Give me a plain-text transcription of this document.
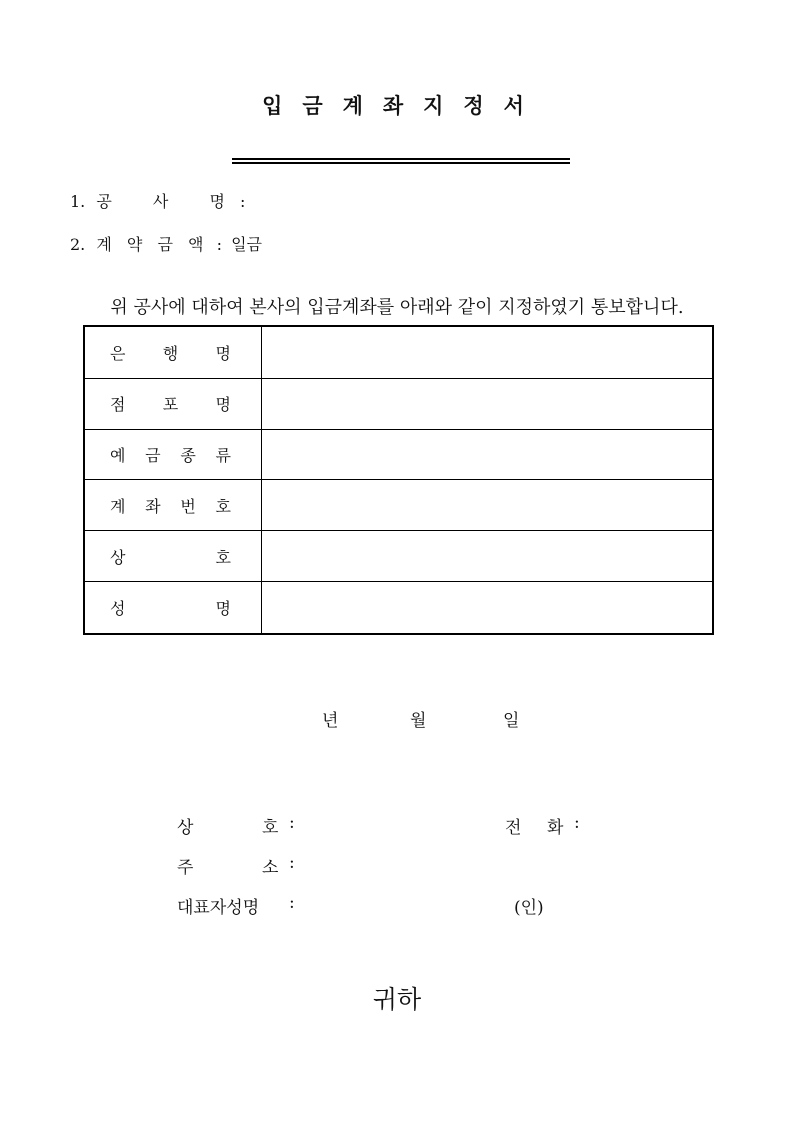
입금계좌지정서
1. 공	사	명 :
2. 계 약 금 액 : 일금
위 공사에 대하여 본사의 입금계좌를 아래와 같이 지정하였기 통보합니다.
은 행 명	

점 포 명	

예 금 종 류	

계 좌 번 호	

상 호	

성 명	

년	월	일
상	호 :	전 화 :
주	소 :
대표자성명 :	(인)
귀하
